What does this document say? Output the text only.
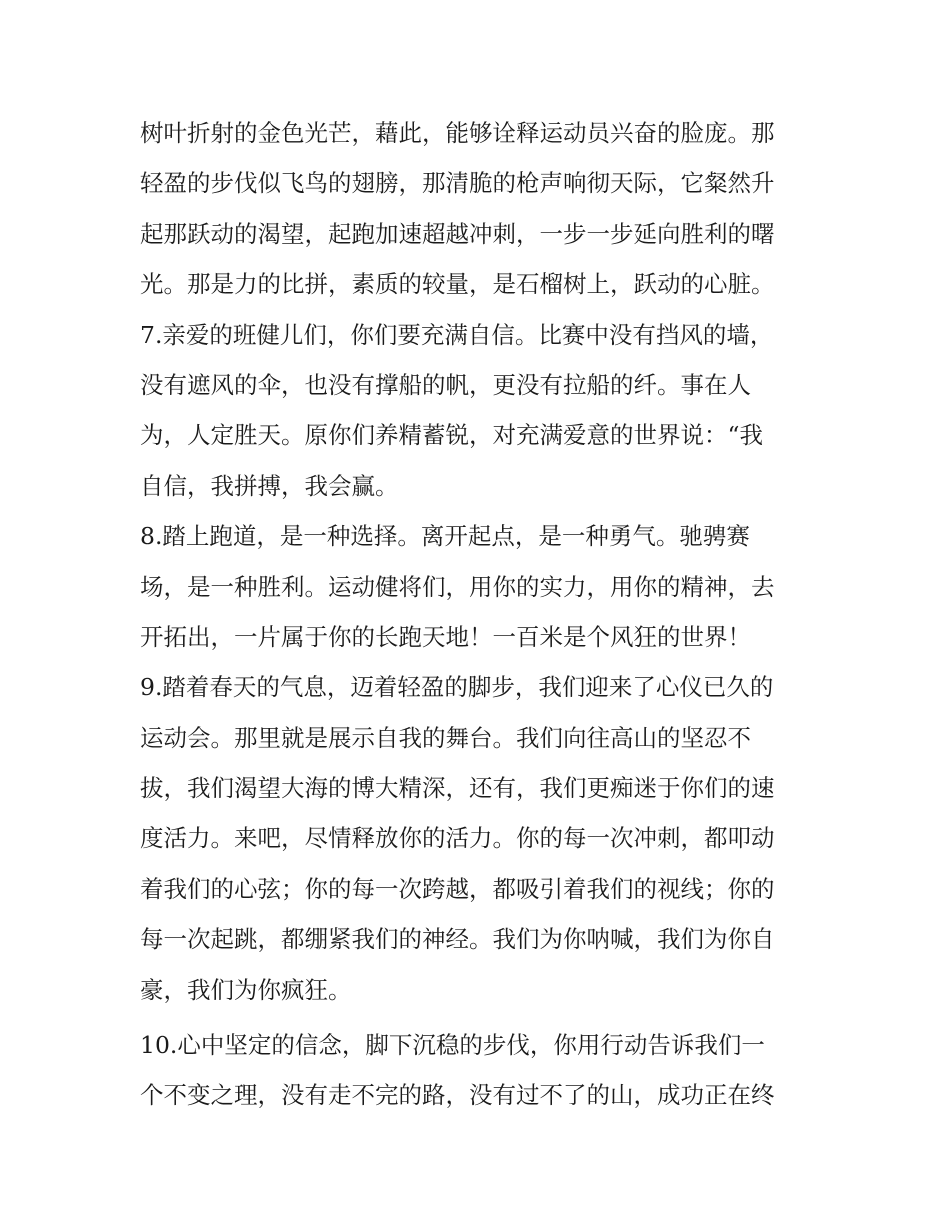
树叶折射的金色光芒，藉此，能够诠释运动员兴奋的脸庞。那
轻盈的步伐似飞鸟的翅膀，那清脆的枪声响彻天际，它粲然升
起那跃动的渴望，起跑加速超越冲刺，一步一步延向胜利的曙
光。那是力的比拼，素质的较量，是石榴树上，跃动的心脏。
7.亲爱的班健儿们，你们要充满自信。比赛中没有挡风的墙，
没有遮风的伞，也没有撑船的帆，更没有拉船的纤。事在人
为，人定胜天。原你们养精蓄锐，对充满爱意的世界说：“我
自信，我拼搏，我会赢。
8.踏上跑道，是一种选择。离开起点，是一种勇气。驰骋赛
场，是一种胜利。运动健将们，用你的实力，用你的精神，去
开拓出，一片属于你的长跑天地！一百米是个风狂的世界！
9.踏着春天的气息，迈着轻盈的脚步，我们迎来了心仪已久的
运动会。那里就是展示自我的舞台。我们向往高山的坚忍不
拔，我们渴望大海的博大精深，还有，我们更痴迷于你们的速
度活力。来吧，尽情释放你的活力。你的每一次冲刺，都叩动
着我们的心弦；你的每一次跨越，都吸引着我们的视线；你的
每一次起跳，都绷紧我们的神经。我们为你呐喊，我们为你自
豪，我们为你疯狂。
10.心中坚定的信念，脚下沉稳的步伐，你用行动告诉我们一
个不变之理，没有走不完的路，没有过不了的山，成功正在终
